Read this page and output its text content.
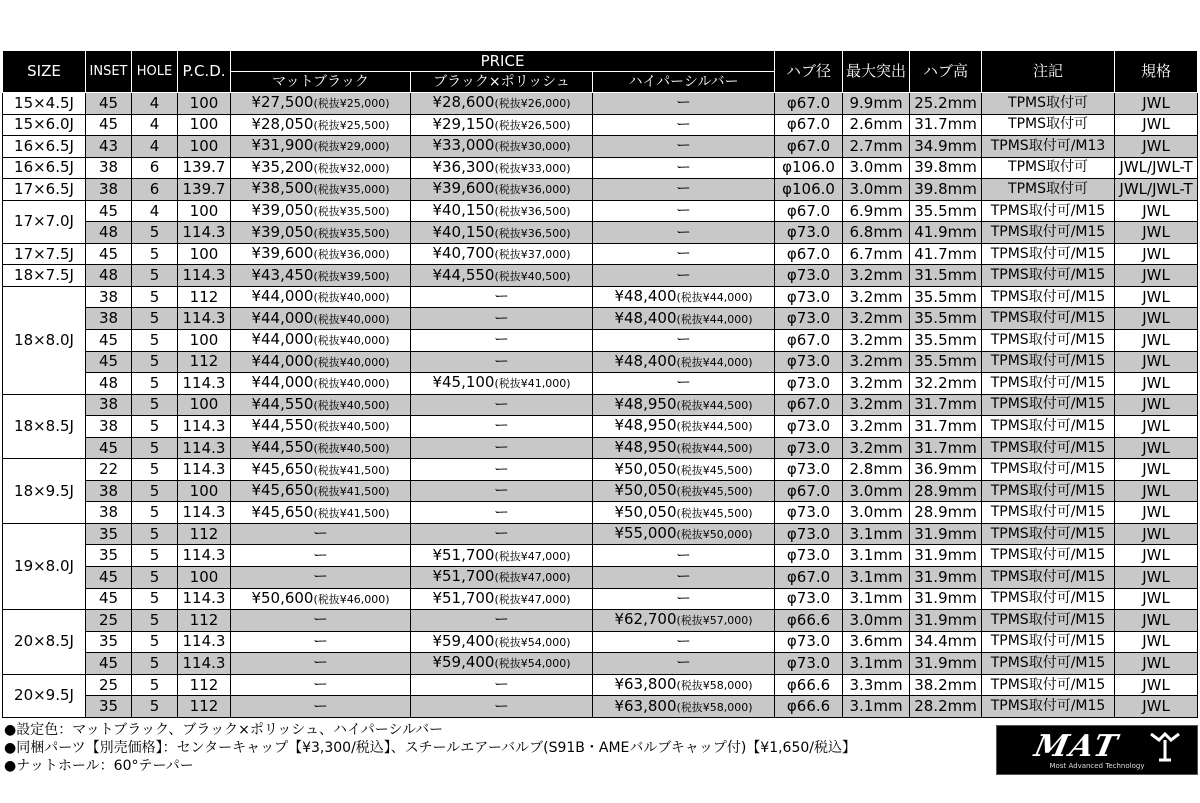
SIZE	INSET	HOLE	P.C.D.	PRICE			ハブ径	最大突出	ハブ高	注記	規格
				マットブラック	ブラック×ポリッシュ	ハイパーシルバー					
15×4.5J	45	4	100	¥27,500(税抜¥25,000)	¥28,600(税抜¥26,000)	ー	φ67.0	9.9mm	25.2mm	TPMS取付可	JWL
15×6.0J	45	4	100	¥28,050(税抜¥25,500)	¥29,150(税抜¥26,500)	ー	φ67.0	2.6mm	31.7mm	TPMS取付可	JWL
16×6.5J	43	4	100	¥31,900(税抜¥29,000)	¥33,000(税抜¥30,000)	ー	φ67.0	2.7mm	34.9mm	TPMS取付可/M13	JWL
16×6.5J	38	6	139.7	¥35,200(税抜¥32,000)	¥36,300(税抜¥33,000)	ー	φ106.0	3.0mm	39.8mm	TPMS取付可	JWL/JWL-T
17×6.5J	38	6	139.7	¥38,500(税抜¥35,000)	¥39,600(税抜¥36,000)	ー	φ106.0	3.0mm	39.8mm	TPMS取付可	JWL/JWL-T
17×7.0J	45	4	100	¥39,050(税抜¥35,500)	¥40,150(税抜¥36,500)	ー	φ67.0	6.9mm	35.5mm	TPMS取付可/M15	JWL
	48	5	114.3	¥39,050(税抜¥35,500)	¥40,150(税抜¥36,500)	ー	φ73.0	6.8mm	41.9mm	TPMS取付可/M15	JWL
17×7.5J	45	5	100	¥39,600(税抜¥36,000)	¥40,700(税抜¥37,000)	ー	φ67.0	6.7mm	41.7mm	TPMS取付可/M15	JWL
18×7.5J	48	5	114.3	¥43,450(税抜¥39,500)	¥44,550(税抜¥40,500)	ー	φ73.0	3.2mm	31.5mm	TPMS取付可/M15	JWL
18×8.0J	38	5	112	¥44,000(税抜¥40,000)	ー	¥48,400(税抜¥44,000)	φ73.0	3.2mm	35.5mm	TPMS取付可/M15	JWL
	38	5	114.3	¥44,000(税抜¥40,000)	ー	¥48,400(税抜¥44,000)	φ73.0	3.2mm	35.5mm	TPMS取付可/M15	JWL
	45	5	100	¥44,000(税抜¥40,000)	ー	ー	φ67.0	3.2mm	35.5mm	TPMS取付可/M15	JWL
	45	5	112	¥44,000(税抜¥40,000)	ー	¥48,400(税抜¥44,000)	φ73.0	3.2mm	35.5mm	TPMS取付可/M15	JWL
	48	5	114.3	¥44,000(税抜¥40,000)	¥45,100(税抜¥41,000)	ー	φ73.0	3.2mm	32.2mm	TPMS取付可/M15	JWL
18×8.5J	38	5	100	¥44,550(税抜¥40,500)	ー	¥48,950(税抜¥44,500)	φ67.0	3.2mm	31.7mm	TPMS取付可/M15	JWL
	38	5	114.3	¥44,550(税抜¥40,500)	ー	¥48,950(税抜¥44,500)	φ73.0	3.2mm	31.7mm	TPMS取付可/M15	JWL
	45	5	114.3	¥44,550(税抜¥40,500)	ー	¥48,950(税抜¥44,500)	φ73.0	3.2mm	31.7mm	TPMS取付可/M15	JWL
18×9.5J	22	5	114.3	¥45,650(税抜¥41,500)	ー	¥50,050(税抜¥45,500)	φ73.0	2.8mm	36.9mm	TPMS取付可/M15	JWL
	38	5	100	¥45,650(税抜¥41,500)	ー	¥50,050(税抜¥45,500)	φ67.0	3.0mm	28.9mm	TPMS取付可/M15	JWL
	38	5	114.3	¥45,650(税抜¥41,500)	ー	¥50,050(税抜¥45,500)	φ73.0	3.0mm	28.9mm	TPMS取付可/M15	JWL
19×8.0J	35	5	112	ー	ー	¥55,000(税抜¥50,000)	φ73.0	3.1mm	31.9mm	TPMS取付可/M15	JWL
	35	5	114.3	ー	¥51,700(税抜¥47,000)	ー	φ73.0	3.1mm	31.9mm	TPMS取付可/M15	JWL
	45	5	100	ー	¥51,700(税抜¥47,000)	ー	φ67.0	3.1mm	31.9mm	TPMS取付可/M15	JWL
	45	5	114.3	¥50,600(税抜¥46,000)	¥51,700(税抜¥47,000)	ー	φ73.0	3.1mm	31.9mm	TPMS取付可/M15	JWL
20×8.5J	25	5	112	ー	ー	¥62,700(税抜¥57,000)	φ66.6	3.0mm	31.9mm	TPMS取付可/M15	JWL
	35	5	114.3	ー	¥59,400(税抜¥54,000)	ー	φ73.0	3.6mm	34.4mm	TPMS取付可/M15	JWL
	45	5	114.3	ー	¥59,400(税抜¥54,000)	ー	φ73.0	3.1mm	31.9mm	TPMS取付可/M15	JWL
20×9.5J	25	5	112	ー	ー	¥63,800(税抜¥58,000)	φ66.6	3.3mm	38.2mm	TPMS取付可/M15	JWL
	35	5	112	ー	ー	¥63,800(税抜¥58,000)	φ66.6	3.1mm	28.2mm	TPMS取付可/M15	JWL
●設定色：マットブラック、ブラック×ポリッシュ、ハイパーシルバー
●同梱パーツ【別売価格】：センターキャップ【¥3,300/税込】、スチールエアーバルブ(S91B・AMEバルブキャップ付)【¥1,650/税込】
●ナットホール：60°テーパー
MAT
Most Advanced Technology
